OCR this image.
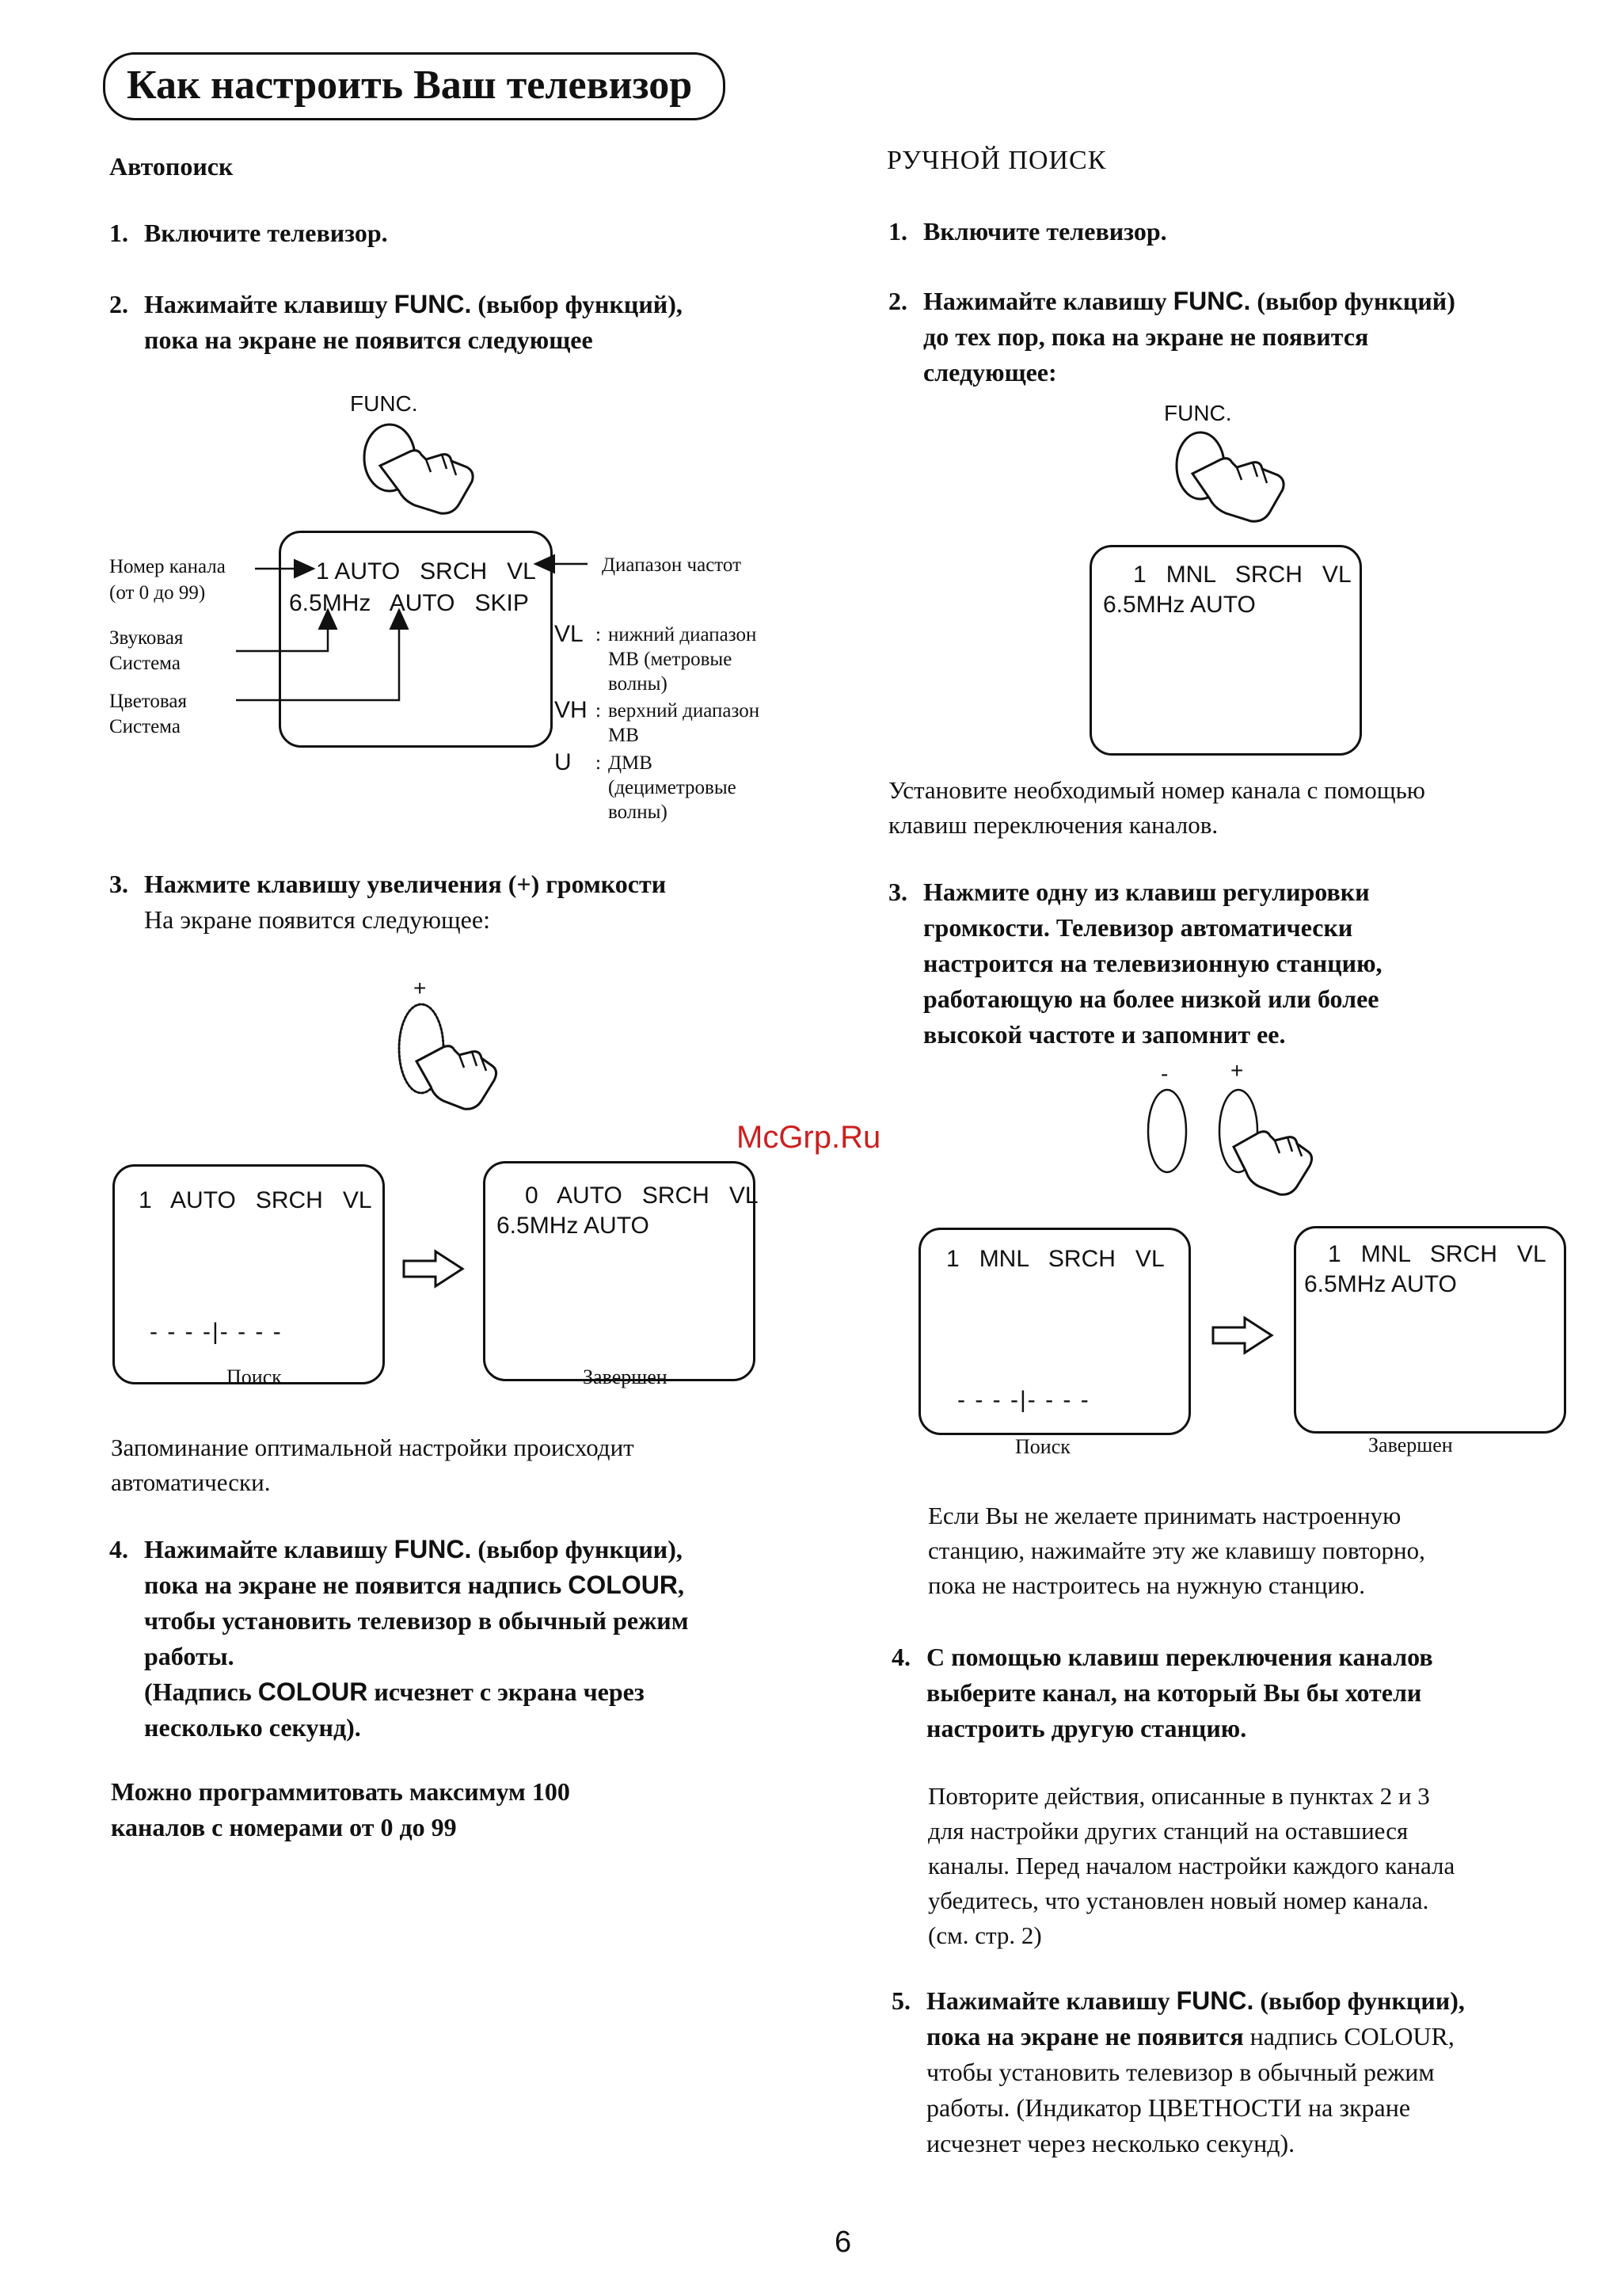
Как настроить Ваш телевизор
Автопоиск
1. Включите телевизор.
2. Нажимайте клавишу FUNC. (выбор функций),
пока на экране не появится следующее
FUNC.
1 AUTO   SRCH   VL
6.5MHz   AUTO   SKIP
Номер канала
(от 0 до 99)
Звуковая
Система
Цветовая
Система
Диапазон частот
VL : нижний диапазон
МВ (метровые
волны)
VH : верхний диапазон
МВ
U : ДМВ
(дециметровые
волны)
3. Нажмите клавишу увеличения (+) громкости
На экране появится следующее:
+
1   AUTO   SRCH   VL
- - - -|- - - -
0   AUTO   SRCH   VL
6.5MHz AUTO
Поиск	Завершен
Запоминание оптимальной настройки происходит
автоматически.
4. Нажимайте клавишу FUNC. (выбор функции),
пока на экране не появится надпись COLOUR,
чтобы установить телевизор в обычный режим
работы.
(Надпись COLOUR исчезнет с экрана через
несколько секунд).
Можно программитовать максимум 100
каналов с номерами от 0 до 99
РУЧНОЙ ПОИСК
1. Включите телевизор.
2. Нажимайте клавишу FUNC. (выбор функций)
до тех пор, пока на экране не появится
следующее:
FUNC.
1   MNL   SRCH   VL
6.5MHz AUTO
Установите необходимый номер канала с помощью
клавиш переключения каналов.
3. Нажмите одну из клавиш регулировки
громкости. Телевизор автоматически
настроится на телевизионную станцию,
работающую на более низкой или более
высокой частоте и запомнит ее.
-	+
1   MNL   SRCH   VL
- - - -|- - - -
1   MNL   SRCH   VL
6.5MHz AUTO
Поиск	Завершен
Если Вы не желаете принимать настроенную
станцию, нажимайте эту же клавишу повторно,
пока не настроитесь на нужную станцию.
4. С помощью клавиш переключения каналов
выберите канал, на который Вы бы хотели
настроить другую станцию.
Повторите действия, описанные в пунктах 2 и 3
для настройки других станций на оставшиеся
каналы. Перед началом настройки каждого канала
убедитесь, что установлен новый номер канала.
(см. стр. 2)
5. Нажимайте клавишу FUNC. (выбор функции),
пока на экране не появится надпись COLOUR,
чтобы установить телевизор в обычный режим
работы. (Индикатор ЦВЕТНОСТИ на зкране
исчезнет через несколько секунд).
McGrp.Ru
6
